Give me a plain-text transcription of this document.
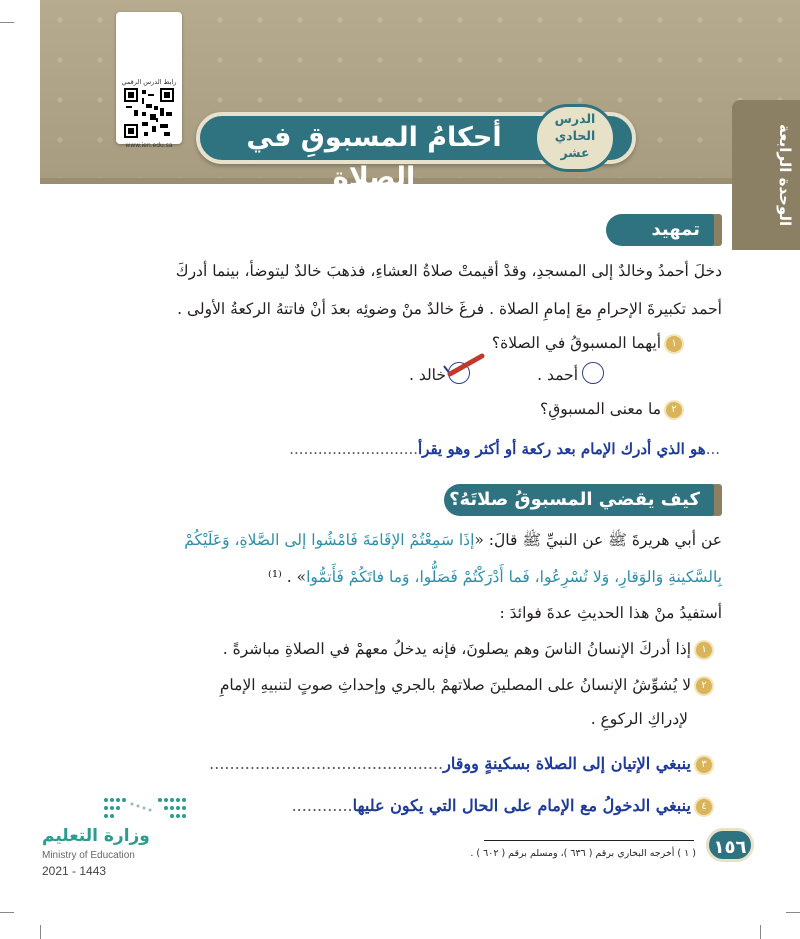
الوحدة الرابعة
رابط الدرس الرقمي
www.ien.edu.sa	أحكامُ المسبوقِ في الصلاة
الدرس
الحادي
عشر
تمهيد
دخلَ أحمدُ وخالدٌ إلى المسجدِ، وقدْ أقيمتْ صلاةُ العشاءِ، فذهبَ خالدٌ ليتوضأ، بينما أدركَ
أحمد تكبيرةَ الإحرامِ معَ إمامِ الصلاة . فرغَ خالدٌ منْ وضوئِه بعدَ أنْ فاتتهُ الركعةُ الأولى .
١ أيهما المسبوقُ في الصلاة؟
أحمد .
خالد .
٢ ما معنى المسبوقِ؟
...هو الذي أدرك الإمام بعد ركعة أو أكثر وهو يقرأ...........................
كيف يقضي المسبوقُ صلاتَهُ؟
عن أبي هريرةَ ﷺ عن النبيِّ ﷺ قالَ: «إذَا سَمِعْتُمْ الإقَامَةَ فَامْشُوا إلى الصَّلاةِ، وَعَلَيْكُمْ
بِالسَّكينةِ وَالوَقارِ، وَلا تُسْرِعُوا، فَما أَدْرَكْتُمْ فَصَلُّوا، وَما فاتَكُمْ فَأَتمُّوا» . ⁽¹⁾
أستفيدُ منْ هذا الحديثِ عدةَ فوائدَ :
١ إذا أدركَ الإنسانُ الناسَ وهم يصلونَ، فإنه يدخلُ معهمْ في الصلاةِ مباشرةً .
٢ لا يُشوِّشُ الإنسانُ على المصلينَ صلاتهمْ بالجري وإحداثِ صوتٍ لتنبيهِ الإمامِ
لإدراكِ الركوعِ .
٣ ينبغي الإتيان إلى الصلاة بسكينةٍ ووقار..............................................
٤ ينبغي الدخولُ مع الإمام على الحال التي يكون عليها............
وزارة التعليم
Ministry of Education
2021 - 1443
( ١ ) أخرجه البخاري برقم ( ٦٣٦ )، ومسلم برقم ( ٦٠٢ ) . ١٥٦
